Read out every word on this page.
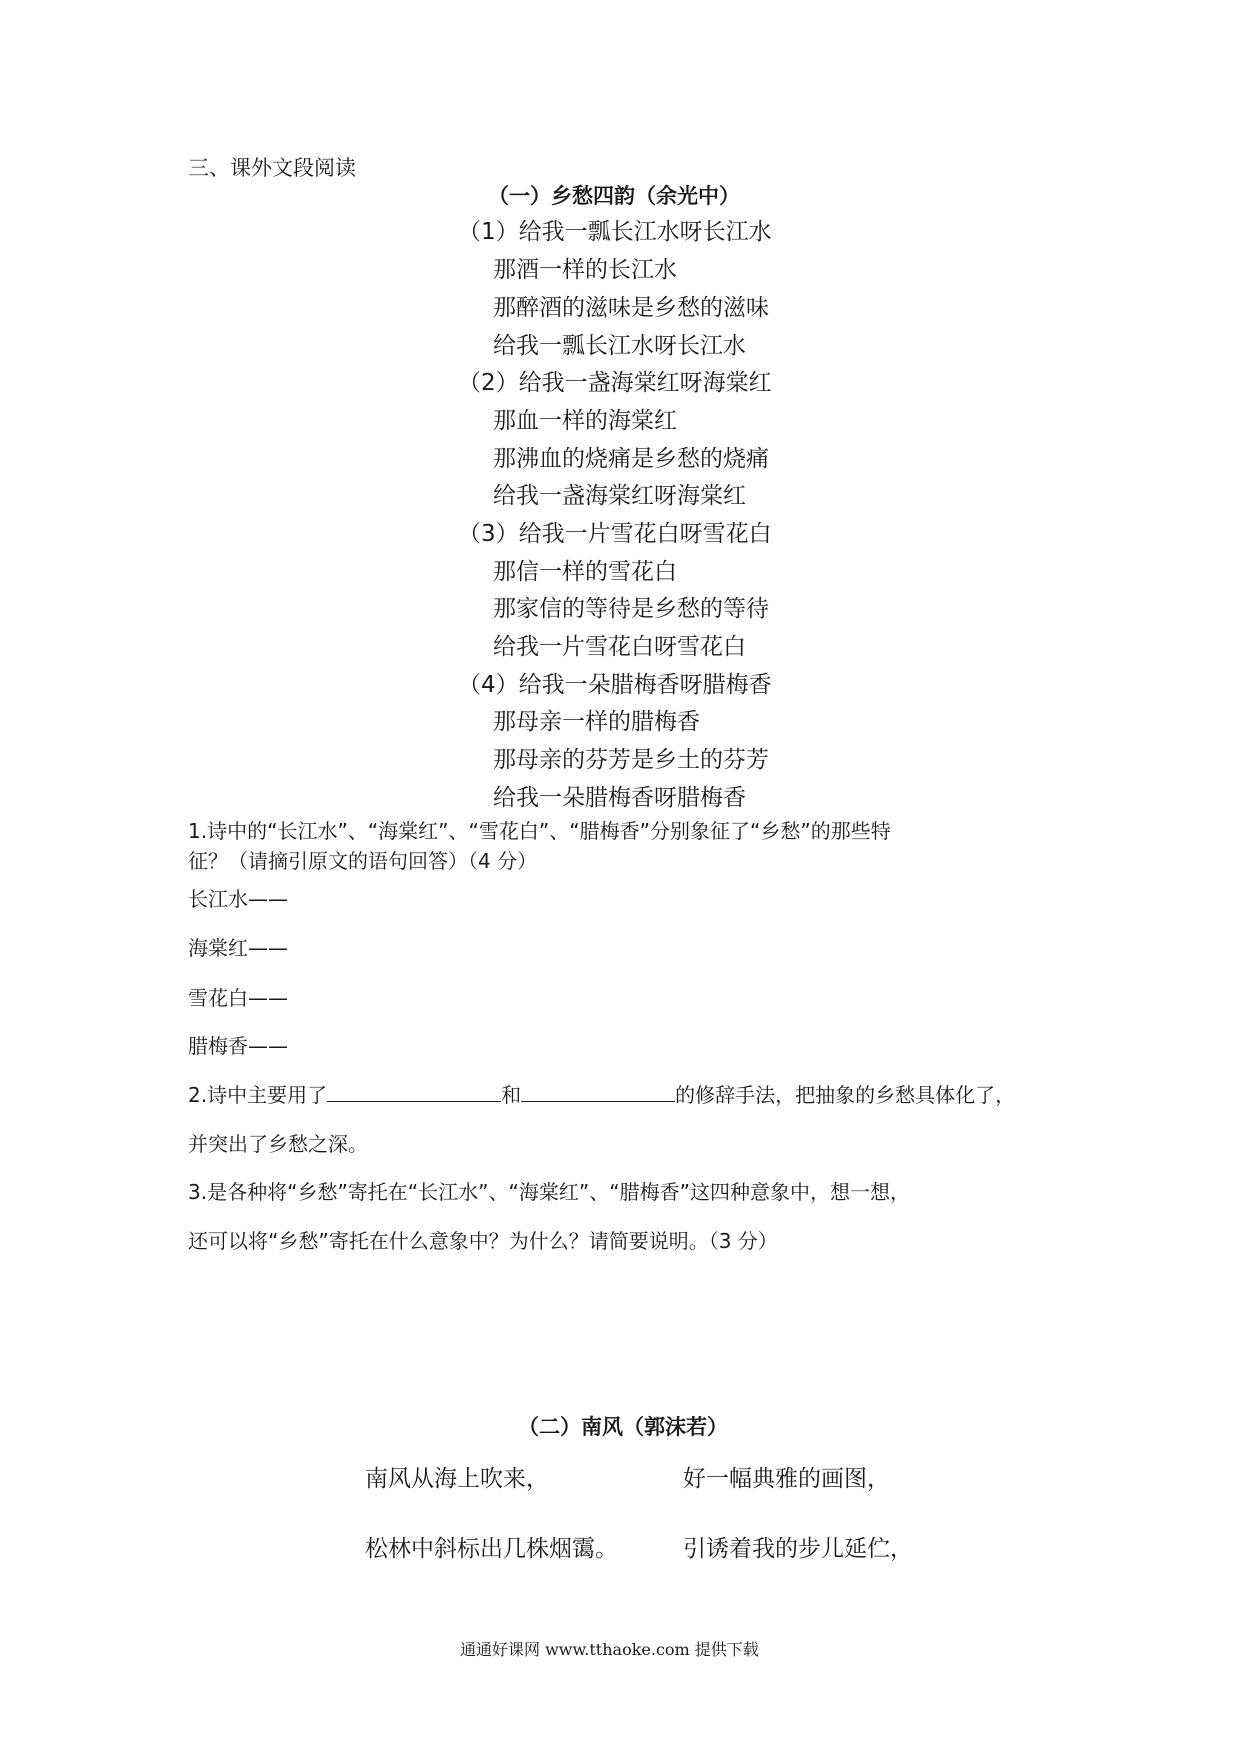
三、课外文段阅读
（一）乡愁四韵（余光中）
（1）给我一瓢长江水呀长江水
那酒一样的长江水
那醉酒的滋味是乡愁的滋味
给我一瓢长江水呀长江水
（2）给我一盏海棠红呀海棠红
那血一样的海棠红
那沸血的烧痛是乡愁的烧痛
给我一盏海棠红呀海棠红
（3）给我一片雪花白呀雪花白
那信一样的雪花白
那家信的等待是乡愁的等待
给我一片雪花白呀雪花白
（4）给我一朵腊梅香呀腊梅香
那母亲一样的腊梅香
那母亲的芬芳是乡土的芬芳
给我一朵腊梅香呀腊梅香
1.诗中的“长江水”、“海棠红”、“雪花白”、“腊梅香”分别象征了“乡愁”的那些特
征？（请摘引原文的语句回答）（4 分）
长江水——
海棠红——
雪花白——
腊梅香——
2.诗中主要用了	和	的修辞手法，把抽象的乡愁具体化了，
并突出了乡愁之深。
3.是各种将“乡愁”寄托在“长江水”、“海棠红”、“腊梅香”这四种意象中，想一想，
还可以将“乡愁”寄托在什么意象中？为什么？请简要说明。（3 分）
（二）南风（郭沫若）
南风从海上吹来，	好一幅典雅的画图，
松林中斜标出几株烟霭。	引诱着我的步儿延伫，
通通好课网 www.tthaoke.com 提供下载
